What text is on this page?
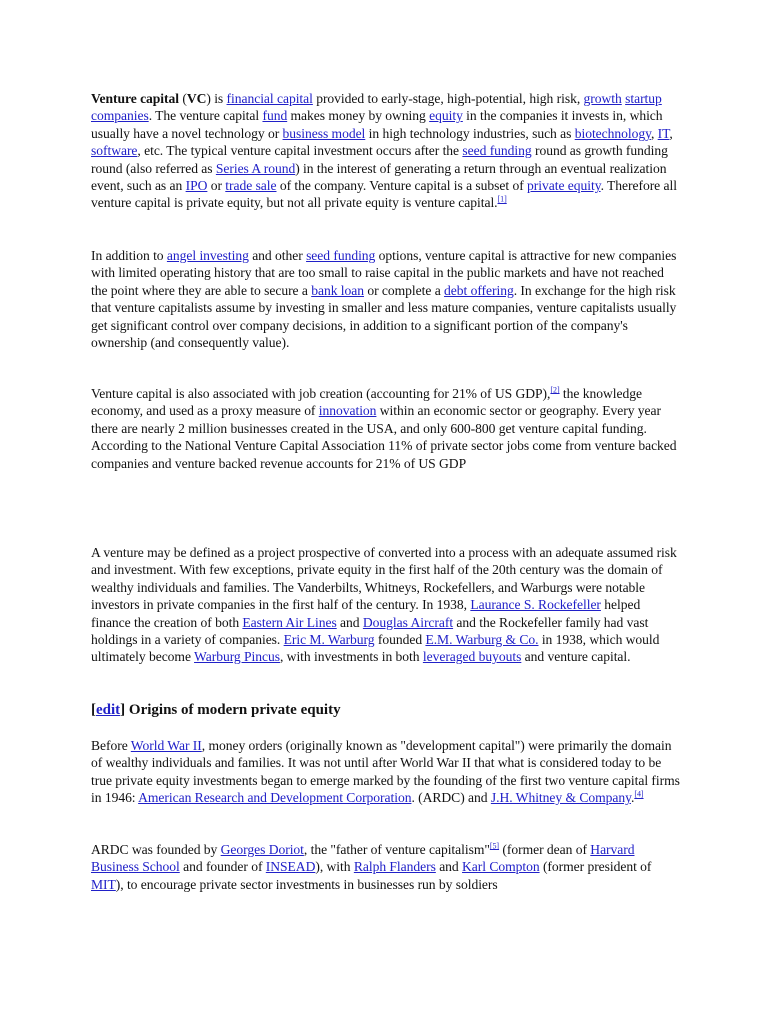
Venture capital (VC) is financial capital provided to early-stage, high-potential, high risk, growth startup companies. The venture capital fund makes money by owning equity in the companies it invests in, which usually have a novel technology or business model in high technology industries, such as biotechnology, IT, software, etc. The typical venture capital investment occurs after the seed funding round as growth funding round (also referred as Series A round) in the interest of generating a return through an eventual realization event, such as an IPO or trade sale of the company. Venture capital is a subset of private equity. Therefore all venture capital is private equity, but not all private equity is venture capital.[1]

In addition to angel investing and other seed funding options, venture capital is attractive for new companies with limited operating history that are too small to raise capital in the public markets and have not reached the point where they are able to secure a bank loan or complete a debt offering. In exchange for the high risk that venture capitalists assume by investing in smaller and less mature companies, venture capitalists usually get significant control over company decisions, in addition to a significant portion of the company's ownership (and consequently value).

Venture capital is also associated with job creation (accounting for 21% of US GDP),[2] the knowledge economy, and used as a proxy measure of innovation within an economic sector or geography. Every year there are nearly 2 million businesses created in the USA, and only 600-800 get venture capital funding. According to the National Venture Capital Association 11% of private sector jobs come from venture backed companies and venture backed revenue accounts for 21% of US GDP

A venture may be defined as a project prospective of converted into a process with an adequate assumed risk and investment. With few exceptions, private equity in the first half of the 20th century was the domain of wealthy individuals and families. The Vanderbilts, Whitneys, Rockefellers, and Warburgs were notable investors in private companies in the first half of the century. In 1938, Laurance S. Rockefeller helped finance the creation of both Eastern Air Lines and Douglas Aircraft and the Rockefeller family had vast holdings in a variety of companies. Eric M. Warburg founded E.M. Warburg & Co. in 1938, which would ultimately become Warburg Pincus, with investments in both leveraged buyouts and venture capital.

[edit] Origins of modern private equity

Before World War II, money orders (originally known as "development capital") were primarily the domain of wealthy individuals and families. It was not until after World War II that what is considered today to be true private equity investments began to emerge marked by the founding of the first two venture capital firms in 1946: American Research and Development Corporation. (ARDC) and J.H. Whitney & Company.[4]

ARDC was founded by Georges Doriot, the "father of venture capitalism"[5] (former dean of Harvard Business School and founder of INSEAD), with Ralph Flanders and Karl Compton (former president of MIT), to encourage private sector investments in businesses run by soldiers
